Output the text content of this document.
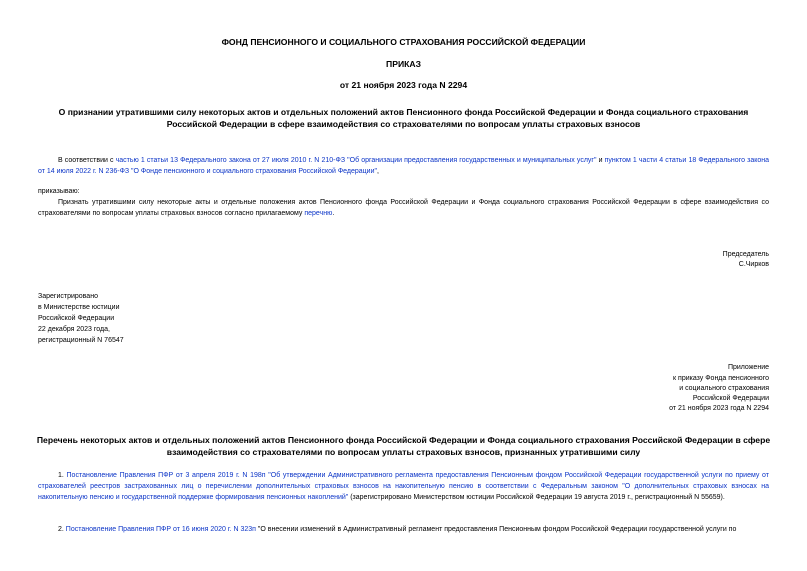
ФОНД ПЕНСИОННОГО И СОЦИАЛЬНОГО СТРАХОВАНИЯ РОССИЙСКОЙ ФЕДЕРАЦИИ
ПРИКАЗ
от 21 ноября 2023 года N 2294
О признании утратившими силу некоторых актов и отдельных положений актов Пенсионного фонда Российской Федерации и Фонда социального страхования Российской Федерации в сфере взаимодействия со страхователями по вопросам уплаты страховых взносов
В соответствии с частью 1 статьи 13 Федерального закона от 27 июля 2010 г. N 210-ФЗ "Об организации предоставления государственных и муниципальных услуг" и пунктом 1 части 4 статьи 18 Федерального закона от 14 июля 2022 г. N 236-ФЗ "О Фонде пенсионного и социального страхования Российской Федерации",
приказываю:
Признать утратившими силу некоторые акты и отдельные положения актов Пенсионного фонда Российской Федерации и Фонда социального страхования Российской Федерации в сфере взаимодействия со страхователями по вопросам уплаты страховых взносов согласно прилагаемому перечню.
Председатель
С.Чирков
Зарегистрировано
в Министерстве юстиции
Российской Федерации
22 декабря 2023 года,
регистрационный N 76547
Приложение
к приказу Фонда пенсионного
и социального страхования
Российской Федерации
от 21 ноября 2023 года N 2294
Перечень некоторых актов и отдельных положений актов Пенсионного фонда Российской Федерации и Фонда социального страхования Российской Федерации в сфере взаимодействия со страхователями по вопросам уплаты страховых взносов, признанных утратившими силу
1. Постановление Правления ПФР от 3 апреля 2019 г. N 198п "Об утверждении Административного регламента предоставления Пенсионным фондом Российской Федерации государственной услуги по приему от страхователей реестров застрахованных лиц о перечислении дополнительных страховых взносов на накопительную пенсию в соответствии с Федеральным законом "О дополнительных страховых взносах на накопительную пенсию и государственной поддержке формирования пенсионных накоплений" (зарегистрировано Министерством юстиции Российской Федерации 19 августа 2019 г., регистрационный N 55659).
2. Постановление Правления ПФР от 16 июня 2020 г. N 323п "О внесении изменений в Административный регламент предоставления Пенсионным фондом Российской Федерации государственной услуги по
